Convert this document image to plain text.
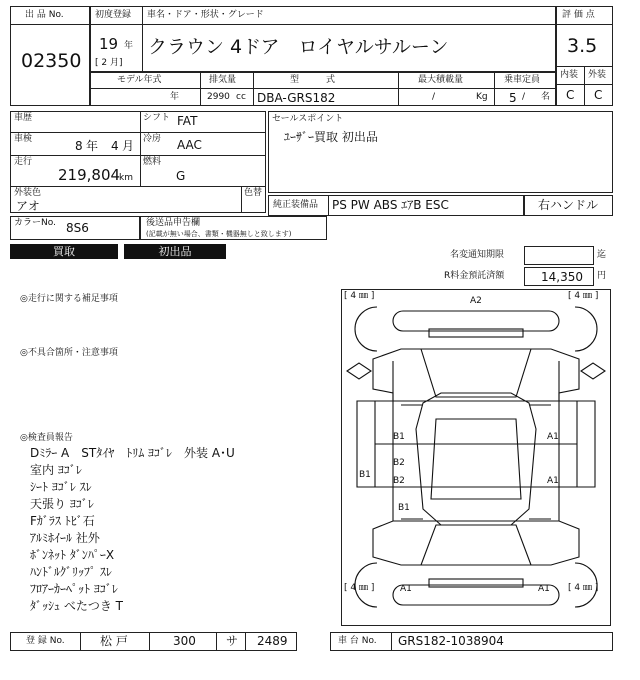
出 品 No.
02350
初度登録 車名・ドア・形状・グレード
19 年
[ 2 月]
クラウン 4ドア　ロイヤルサルーン
評 価 点
3.5
内装 外装
C C
モデル年式
年
排気量
2990 cc
型　　　式
DBA-GRS182
最大積載量
/	Kg
乗車定員
5 / 名
車歴	シフト FAT
車検	8 年 4 月 冷房 AAC
走行
219,804
km
燃料
G
外装色	色替
アオ
カラーNo. 8S6	後送品申告欄
(記載が無い場合、書類・機器無しと致します)
セールスポイント
ﾕｰｻﾞｰ買取 初出品
純正装備品 PS PW ABS ｴｱB ESC	右ハンドル
買取	初出品	名変通知期限	迄
R料金預託済額	14,350 円
◎走行に関する補足事項
◎不具合箇所・注意事項
◎検査員報告
Dﾐﾗｰ A　STﾀｲﾔ　ﾄﾘﾑ ﾖｺﾞﾚ　外装 A･U
室内 ﾖｺﾞﾚ
ｼｰﾄ ﾖｺﾞﾚ ｽﾚ
天張り ﾖｺﾞﾚ
Fｶﾞﾗｽ ﾄﾋﾞ石
ｱﾙﾐﾎｲｰﾙ 社外
ﾎﾞﾝﾈｯﾄ ﾀﾞﾝﾊﾟｰX
ﾊﾝﾄﾞﾙｸﾞﾘｯﾌﾟ ｽﾚ
ﾌﾛｱｰｶｰﾍﾟｯﾄ ﾖｺﾞﾚ
ﾀﾞｯｼｭ べたつき T
[ 4 ㎜ ]	[ 4 ㎜ ]
[ 4 ㎜ ]	[ 4 ㎜ ]
A2
B1	A1
B2
B2
B1
A1
B1
A1	A1
登 録 No.	松 戸	300	サ 2489	車 台 No. GRS182-1038904
